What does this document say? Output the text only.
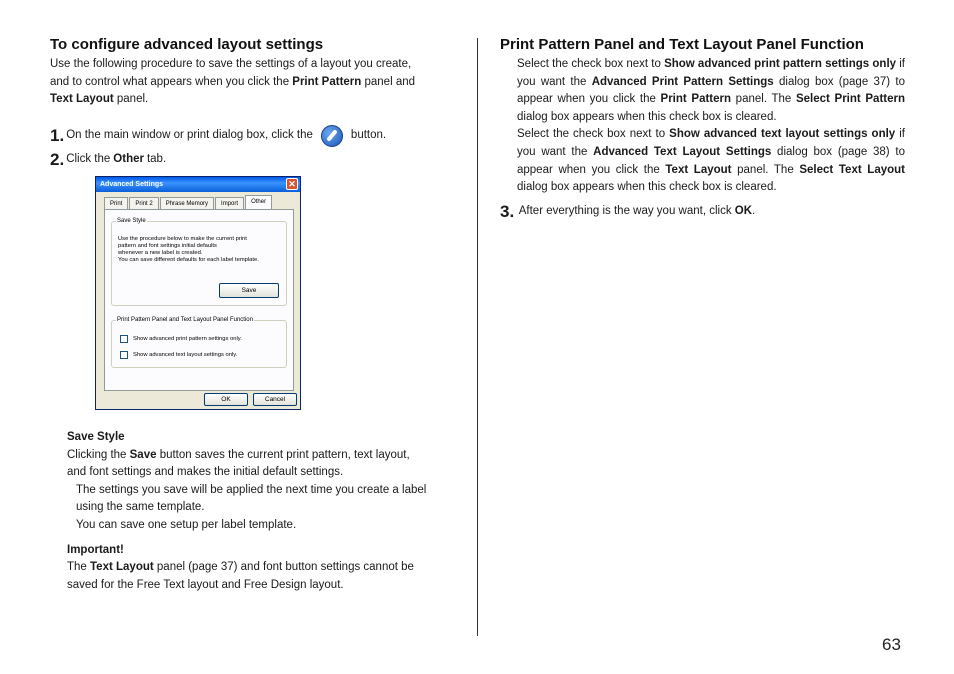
To configure advanced layout settings

Use the following procedure to save the settings of a layout you create,

and to control what appears when you click the Print Pattern panel and

Text Layout panel.

1. On the main window or print dialog box, click the	button.
2. Click the Other tab.
Advanced Settings	✕
Print	Print 2	Phrase Memory	Import	Other
Save Style
Use the procedure below to make the current print
pattern and font settings initial defaults
whenever a new label is created.
You can save different defaults for each label template.
Save
Print Pattern Panel and Text Layout Panel Function
Show advanced print pattern settings only.
Show advanced text layout settings only.
OK	Cancel

Save Style

Clicking the Save button saves the current print pattern, text layout,

and font settings and makes the initial default settings.

The settings you save will be applied the next time you create a label

using the same template.

You can save one setup per label template.

Important!

The Text Layout panel (page 37) and font button settings cannot be

saved for the Free Text layout and Free Design layout.

Print Pattern Panel and Text Layout Panel Function

Select the check box next to Show advanced print pattern settings only if you want the Advanced Print Pattern Settings dialog box (page 37) to appear when you click the Print Pattern panel. The Select Print Pattern dialog box appears when this check box is cleared.

Select the check box next to Show advanced text layout settings only if you want the Advanced Text Layout Settings dialog box (page 38) to appear when you click the Text Layout panel. The Select Text Layout dialog box appears when this check box is cleared.

3. After everything is the way you want, click OK .
63
